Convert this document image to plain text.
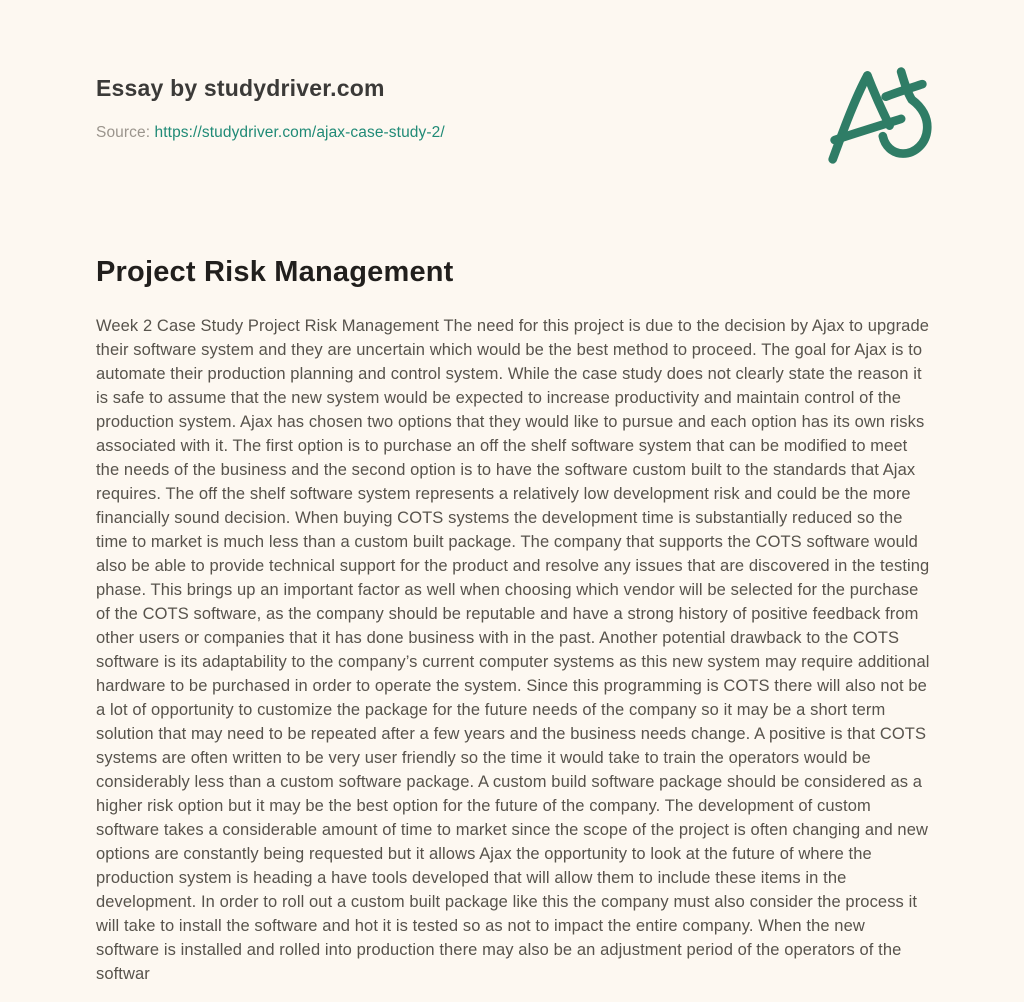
Essay by studydriver.com
Source: https://studydriver.com/ajax-case-study-2/
Project Risk Management

Week 2 Case Study Project Risk Management The need for this project is due to the decision by Ajax to upgrade their software system and they are uncertain which would be the best method to proceed. The goal for Ajax is to automate their production planning and control system. While the case study does not clearly state the reason it is safe to assume that the new system would be expected to increase productivity and maintain control of the production system. Ajax has chosen two options that they would like to pursue and each option has its own risks associated with it. The first option is to purchase an off the shelf software system that can be modified to meet the needs of the business and the second option is to have the software custom built to the standards that Ajax requires. The off the shelf software system represents a relatively low development risk and could be the more financially sound decision. When buying COTS systems the development time is substantially reduced so the time to market is much less than a custom built package. The company that supports the COTS software would also be able to provide technical support for the product and resolve any issues that are discovered in the testing phase. This brings up an important factor as well when choosing which vendor will be selected for the purchase of the COTS software, as the company should be reputable and have a strong history of positive feedback from other users or companies that it has done business with in the past. Another potential drawback to the COTS software is its adaptability to the company’s current computer systems as this new system may require additional hardware to be purchased in order to operate the system. Since this programming is COTS there will also not be a lot of opportunity to customize the package for the future needs of the company so it may be a short term solution that may need to be repeated after a few years and the business needs change. A positive is that COTS systems are often written to be very user friendly so the time it would take to train the operators would be considerably less than a custom software package. A custom build software package should be considered as a higher risk option but it may be the best option for the future of the company. The development of custom software takes a considerable amount of time to market since the scope of the project is often changing and new options are constantly being requested but it allows Ajax the opportunity to look at the future of where the production system is heading a have tools developed that will allow them to include these items in the development. In order to roll out a custom built package like this the company must also consider the process it will take to install the software and hot it is tested so as not to impact the entire company. When the new software is installed and rolled into production there may also be an adjustment period of the operators of the softwar
